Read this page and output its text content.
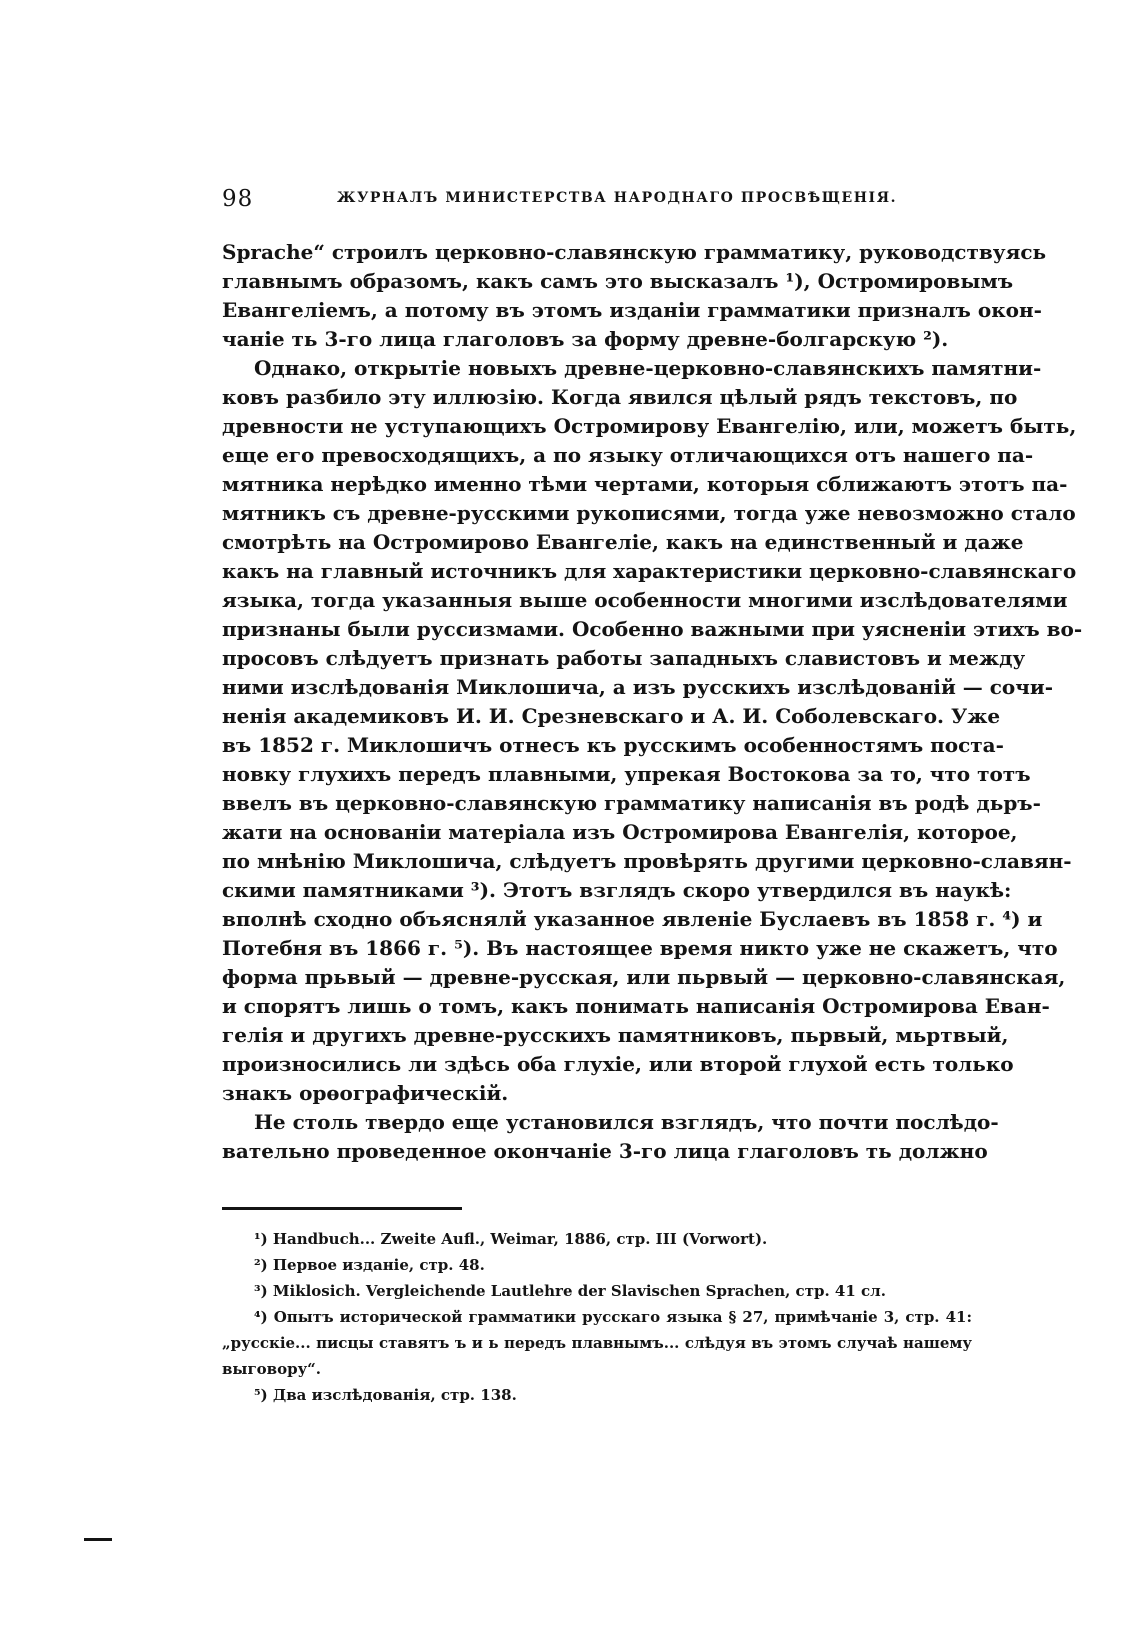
98	ЖУРНАЛЪ МИНИСТЕРСТВА НАРОДНАГО ПРОСВѢЩЕНІЯ.
Sprache“ строилъ церковно-славянскую грамматику, руководствуясь
главнымъ образомъ, какъ самъ это высказалъ ¹), Остромировымъ
Евангеліемъ, а потому въ этомъ изданіи грамматики призналъ окон-
чаніе ть 3-го лица глаголовъ за форму древне-болгарскую ²).
Однако, открытіе новыхъ древне-церковно-славянскихъ памятни-
ковъ разбило эту иллюзію. Когда явился цѣлый рядъ текстовъ, по
древности не уступающихъ Остромирову Евангелію, или, можетъ быть,
еще его превосходящихъ, а по языку отличающихся отъ нашего па-
мятника нерѣдко именно тѣми чертами, которыя сближаютъ этотъ па-
мятникъ съ древне-русскими рукописями, тогда уже невозможно стало
смотрѣть на Остромирово Евангеліе, какъ на единственный и даже
какъ на главный источникъ для характеристики церковно-славянскаго
языка, тогда указанныя выше особенности многими изслѣдователями
признаны были руссизмами. Особенно важными при уясненіи этихъ во-
просовъ слѣдуетъ признать работы западныхъ славистовъ и между
ними изслѣдованія Миклошича, а изъ русскихъ изслѣдованій — сочи-
ненія академиковъ И. И. Срезневскаго и А. И. Соболевскаго. Уже
въ 1852 г. Миклошичъ отнесъ къ русскимъ особенностямъ поста-
новку глухихъ передъ плавными, упрекая Востокова за то, что тотъ
ввелъ въ церковно-славянскую грамматику написанія въ родѣ дьръ-
жати на основаніи матеріала изъ Остромирова Евангелія, которое,
по мнѣнію Миклошича, слѣдуетъ провѣрять другими церковно-славян-
скими памятниками ³). Этотъ взглядъ скоро утвердился въ наукѣ:
вполнѣ сходно объяснялй указанное явленіе Буслаевъ въ 1858 г. ⁴) и
Потебня въ 1866 г. ⁵). Въ настоящее время никто уже не скажетъ, что
форма прьвый — древне-русская, или пьрвый — церковно-славянская,
и спорятъ лишь о томъ, какъ понимать написанія Остромирова Еван-
гелія и другихъ древне-русскихъ памятниковъ, пьрвый, мьртвый,
произносились ли здѣсь оба глухіе, или второй глухой есть только
знакъ орѳографическій.
Не столь твердо еще установился взглядъ, что почти послѣдо-
вательно проведенное окончаніе 3-го лица глаголовъ ть должно
¹) Handbuch... Zweite Aufl., Weimar, 1886, стр. III (Vorwort).
²) Первое изданіе, стр. 48.
³) Miklosich. Vergleichende Lautlehre der Slavischen Sprachen, стр. 41 сл.
⁴) Опытъ исторической грамматики русскаго языка § 27, примѣчаніе 3, стр. 41:
„русскіе... писцы ставятъ ъ и ь передъ плавнымъ... слѣдуя въ этомъ случаѣ нашему
выговору“.
⁵) Два изслѣдованія, стр. 138.
